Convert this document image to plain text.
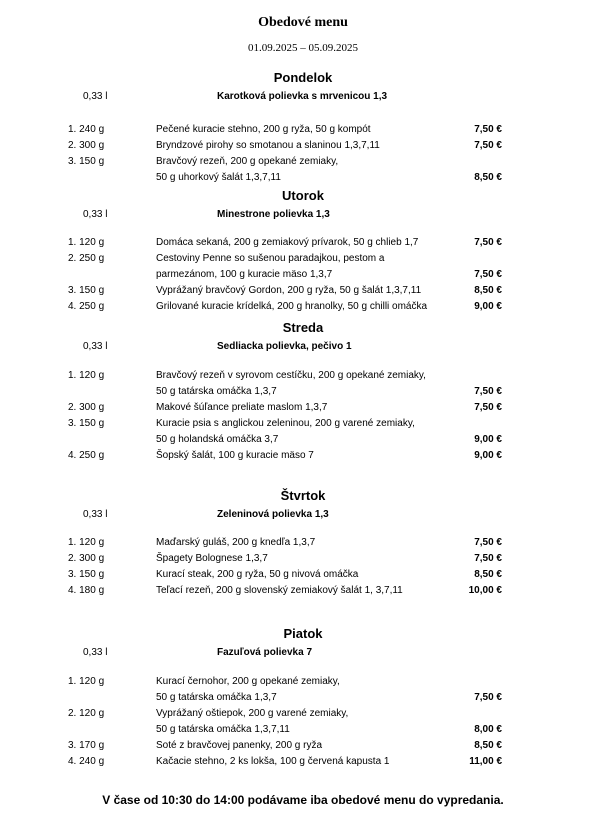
Obedové menu
01.09.2025 – 05.09.2025
Pondelok
0,33 l	Karotková polievka s mrvenicou 1,3
1. 240 g	Pečené kuracie stehno, 200 g ryža, 50 g kompót	7,50 €
2. 300 g	Bryndzové pirohy so smotanou a slaninou 1,3,7,11	7,50 €
3. 150 g	Bravčový rezeň, 200 g opekané zemiaky,
50 g uhorkový šalát 1,3,7,11	8,50 €
Utorok
0,33 l	Minestrone polievka 1,3
1. 120 g	Domáca sekaná, 200 g zemiakový prívarok, 50 g chlieb 1,7	7,50 €
2. 250 g	Cestoviny Penne so sušenou paradajkou, pestom a
parmezánom, 100 g kuracie mäso 1,3,7	7,50 €
3. 150 g	Vyprážaný bravčový Gordon, 200 g ryža, 50 g šalát 1,3,7,11	8,50 €
4. 250 g	Grilované kuracie krídelká, 200 g hranolky, 50 g chilli omáčka	9,00 €
Streda
0,33 l	Sedliacka polievka, pečivo 1
1. 120 g	Bravčový rezeň v syrovom cestíčku, 200 g opekané zemiaky,
50 g tatárska omáčka 1,3,7	7,50 €
2. 300 g	Makové šúľance preliate maslom 1,3,7	7,50 €
3. 150 g	Kuracie psia s anglickou zeleninou, 200 g varené zemiaky,
50 g holandská omáčka 3,7	9,00 €
4. 250 g	Šopský šalát, 100 g kuracie mäso 7	9,00 €
Štvrtok
0,33 l	Zeleninová polievka 1,3
1. 120 g	Maďarský guláš, 200 g knedľa 1,3,7	7,50 €
2. 300 g	Špagety Bolognese 1,3,7	7,50 €
3. 150 g	Kurací steak, 200 g ryža, 50 g nivová omáčka	8,50 €
4. 180 g	Teľací rezeň, 200 g slovenský zemiakový šalát 1, 3,7,11	10,00 €
Piatok
0,33 l	Fazuľová polievka 7
1. 120 g	Kurací černohor, 200 g opekané zemiaky,
50 g tatárska omáčka 1,3,7	7,50 €
2. 120 g	Vyprážaný oštiepok, 200 g varené zemiaky,
50 g tatárska omáčka 1,3,7,11	8,00 €
3. 170 g	Soté z bravčovej panenky, 200 g ryža	8,50 €
4. 240 g	Kačacie stehno, 2 ks lokša, 100 g červená kapusta 1	11,00 €
V čase od 10:30 do 14:00 podávame iba obedové menu do vypredania.
